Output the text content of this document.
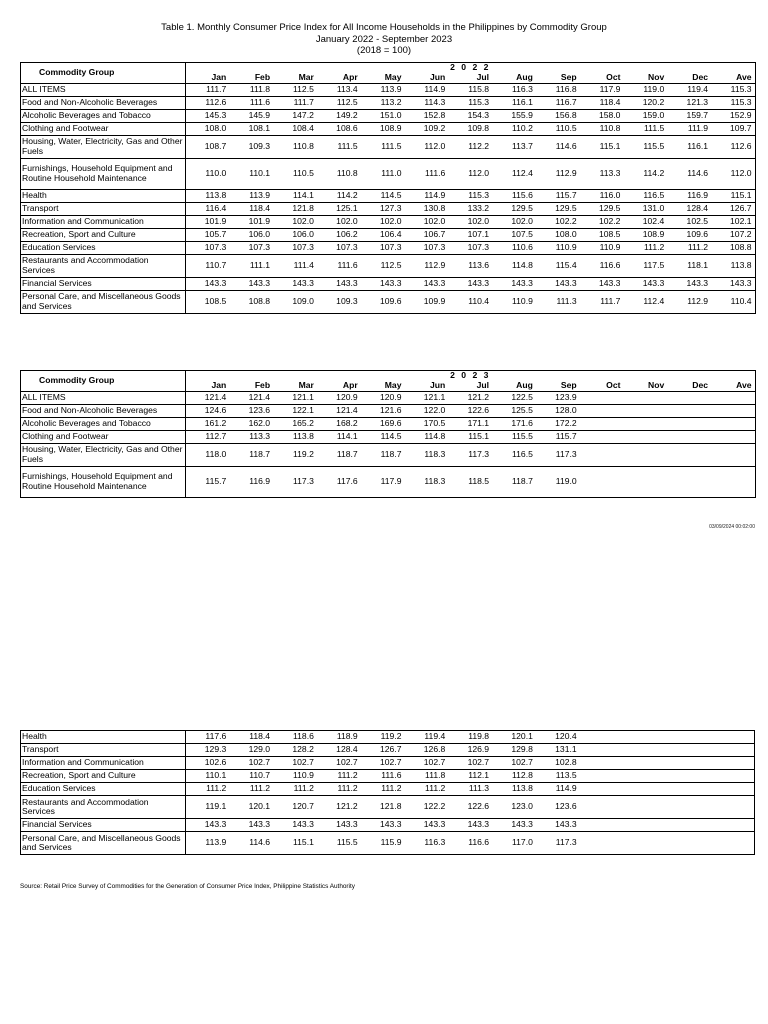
Table 1. Monthly Consumer Price Index for All Income Households in the Philippines by Commodity Group
January 2022 - September 2023
(2018 = 100)
Commodity Group	2 0 2 2												
	Jan	Feb	Mar	Apr	May	Jun	Jul	Aug	Sep	Oct	Nov	Dec	Ave
ALL ITEMS	111.7	111.8	112.5	113.4	113.9	114.9	115.8	116.3	116.8	117.9	119.0	119.4	115.3
Food and Non-Alcoholic Beverages	112.6	111.6	111.7	112.5	113.2	114.3	115.3	116.1	116.7	118.4	120.2	121.3	115.3
Alcoholic Beverages and Tobacco	145.3	145.9	147.2	149.2	151.0	152.8	154.3	155.9	156.8	158.0	159.0	159.7	152.9
Clothing and Footwear	108.0	108.1	108.4	108.6	108.9	109.2	109.8	110.2	110.5	110.8	111.5	111.9	109.7
Housing, Water, Electricity, Gas and Other Fuels	108.7	109.3	110.8	111.5	111.5	112.0	112.2	113.7	114.6	115.1	115.5	116.1	112.6
Furnishings, Household Equipment and Routine Household Maintenance	110.0	110.1	110.5	110.8	111.0	111.6	112.0	112.4	112.9	113.3	114.2	114.6	112.0
Health	113.8	113.9	114.1	114.2	114.5	114.9	115.3	115.6	115.7	116.0	116.5	116.9	115.1
Transport	116.4	118.4	121.8	125.1	127.3	130.8	133.2	129.5	129.5	129.5	131.0	128.4	126.7
Information and Communication	101.9	101.9	102.0	102.0	102.0	102.0	102.0	102.0	102.2	102.2	102.4	102.5	102.1
Recreation, Sport and Culture	105.7	106.0	106.0	106.2	106.4	106.7	107.1	107.5	108.0	108.5	108.9	109.6	107.2
Education Services	107.3	107.3	107.3	107.3	107.3	107.3	107.3	110.6	110.9	110.9	111.2	111.2	108.8
Restaurants and Accommodation Services	110.7	111.1	111.4	111.6	112.5	112.9	113.6	114.8	115.4	116.6	117.5	118.1	113.8
Financial Services	143.3	143.3	143.3	143.3	143.3	143.3	143.3	143.3	143.3	143.3	143.3	143.3	143.3
Personal Care, and Miscellaneous Goods and Services	108.5	108.8	109.0	109.3	109.6	109.9	110.4	110.9	111.3	111.7	112.4	112.9	110.4
Commodity Group	2 0 2 3												
	Jan	Feb	Mar	Apr	May	Jun	Jul	Aug	Sep	Oct	Nov	Dec	Ave
ALL ITEMS	121.4	121.4	121.1	120.9	120.9	121.1	121.2	122.5	123.9				
Food and Non-Alcoholic Beverages	124.6	123.6	122.1	121.4	121.6	122.0	122.6	125.5	128.0				
Alcoholic Beverages and Tobacco	161.2	162.0	165.2	168.2	169.6	170.5	171.1	171.6	172.2				
Clothing and Footwear	112.7	113.3	113.8	114.1	114.5	114.8	115.1	115.5	115.7				
Housing, Water, Electricity, Gas and Other Fuels	118.0	118.7	119.2	118.7	118.7	118.3	117.3	116.5	117.3				
Furnishings, Household Equipment and Routine Household Maintenance	115.7	116.9	117.3	117.6	117.9	118.3	118.5	118.7	119.0				
03/09/2024 00:02:00
Health	117.6	118.4	118.6	118.9	119.2	119.4	119.8	120.1	120.4				
Transport	129.3	129.0	128.2	128.4	126.7	126.8	126.9	129.8	131.1				
Information and Communication	102.6	102.7	102.7	102.7	102.7	102.7	102.7	102.7	102.8				
Recreation, Sport and Culture	110.1	110.7	110.9	111.2	111.6	111.8	112.1	112.8	113.5				
Education Services	111.2	111.2	111.2	111.2	111.2	111.2	111.3	113.8	114.9				
Restaurants and Accommodation Services	119.1	120.1	120.7	121.2	121.8	122.2	122.6	123.0	123.6				
Financial Services	143.3	143.3	143.3	143.3	143.3	143.3	143.3	143.3	143.3				
Personal Care, and Miscellaneous Goods and Services	113.9	114.6	115.1	115.5	115.9	116.3	116.6	117.0	117.3				
Source: Retail Price Survey of Commodities for the Generation of Consumer Price Index, Philippine Statistics Authority
